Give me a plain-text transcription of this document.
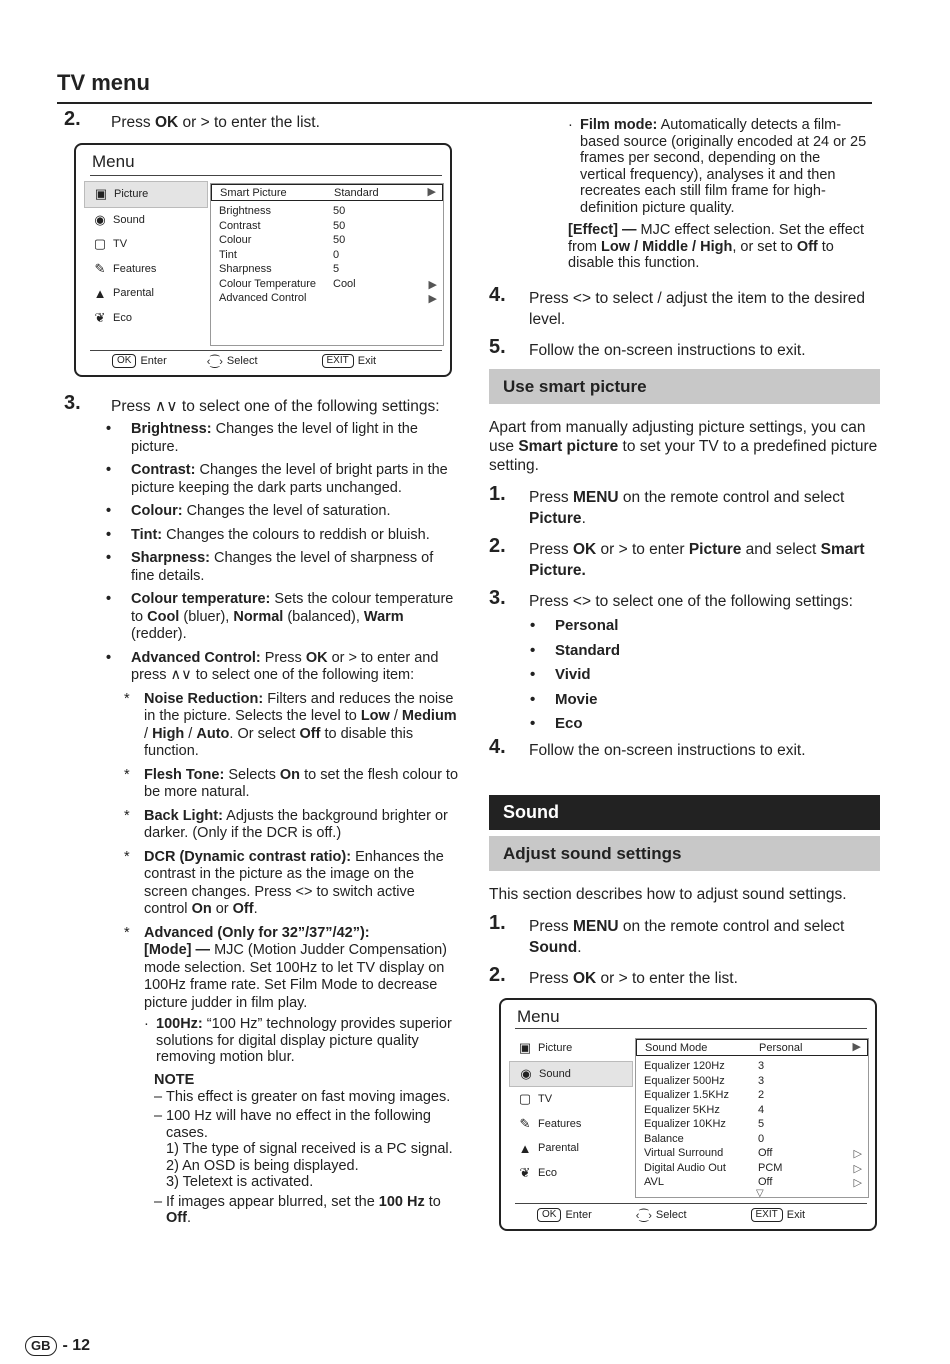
TV menu
2. Press OK or > to enter the list.
Menu
▣ Picture
◉ Sound
▢ TV
✎ Features
▲ Parental
❦ Eco
Smart Picture	Standard	▶
Brightness	50
Contrast	50
Colour	50
Tint	0
Sharpness	5
Colour Temperature	Cool	▶
Advanced Control	▶
OK Enter	‹⁐› Select	EXIT Exit
3. Press ∧∨ to select one of the following settings:
• Brightness: Changes the level of light in the picture.
• Contrast: Changes the level of bright parts in the picture keeping the dark parts unchanged.
• Colour: Changes the level of saturation.
• Tint: Changes the colours to reddish or bluish.
• Sharpness: Changes the level of sharpness of fine details.
• Colour temperature: Sets the colour temperature to Cool (bluer), Normal (balanced), Warm (redder).
• Advanced Control: Press OK or > to enter and press ∧∨ to select one of the following item:
* Noise Reduction: Filters and reduces the noise in the picture. Selects the level to Low / Medium / High / Auto. Or select Off to disable this function.
* Flesh Tone: Selects On to set the flesh colour to be more natural.
* Back Light: Adjusts the background brighter or darker. (Only if the DCR is off.)
* DCR (Dynamic contrast ratio): Enhances the contrast in the picture as the image on the screen changes. Press <> to switch active control On or Off.
* Advanced (Only for 32”/37”/42”):
[Mode] — MJC (Motion Judder Compensation) mode selection. Set 100Hz to let TV display on 100Hz frame rate. Set Film Mode to decrease picture judder in film play.
· 100Hz: “100 Hz” technology provides superior solutions for digital display picture quality removing motion blur.
NOTE
– This effect is greater on fast moving images.
– 100 Hz will have no effect in the following cases.
1) The type of signal received is a PC signal.
2) An OSD is being displayed.
3) Teletext is activated.
– If images appear blurred, set the 100 Hz to Off.
· Film mode: Automatically detects a film-based source (originally encoded at 24 or 25 frames per second, depending on the vertical frequency), analyses it and then recreates each still film frame for high-definition picture quality.
[Effect] — MJC effect selection. Set the effect from Low / Middle / High, or set to Off to disable this function.
4. Press <> to select / adjust the item to the desired level.
5. Follow the on-screen instructions to exit.
Use smart picture
Apart from manually adjusting picture settings, you can use Smart picture to set your TV to a predefined picture setting.
1. Press MENU on the remote control and select Picture.
2. Press OK or > to enter Picture and select Smart Picture.
3. Press <> to select one of the following settings:
• Personal
• Standard
• Vivid
• Movie
• Eco
4. Follow the on-screen instructions to exit.
Sound
Adjust sound settings
This section describes how to adjust sound settings.
1. Press MENU on the remote control and select Sound.
2. Press OK or > to enter the list.
Menu
▣ Picture
◉ Sound
▢ TV
✎ Features
▲ Parental
❦ Eco
Sound Mode	Personal	▶
Equalizer 120Hz	3
Equalizer 500Hz	3
Equalizer 1.5KHz	2
Equalizer 5KHz	4
Equalizer 10KHz	5
Balance	0
Virtual Surround	Off	▷
Digital Audio Out	PCM	▷
AVL	Off	▷
▽
OK Enter	‹⁐› Select	EXIT Exit
GB - 12
